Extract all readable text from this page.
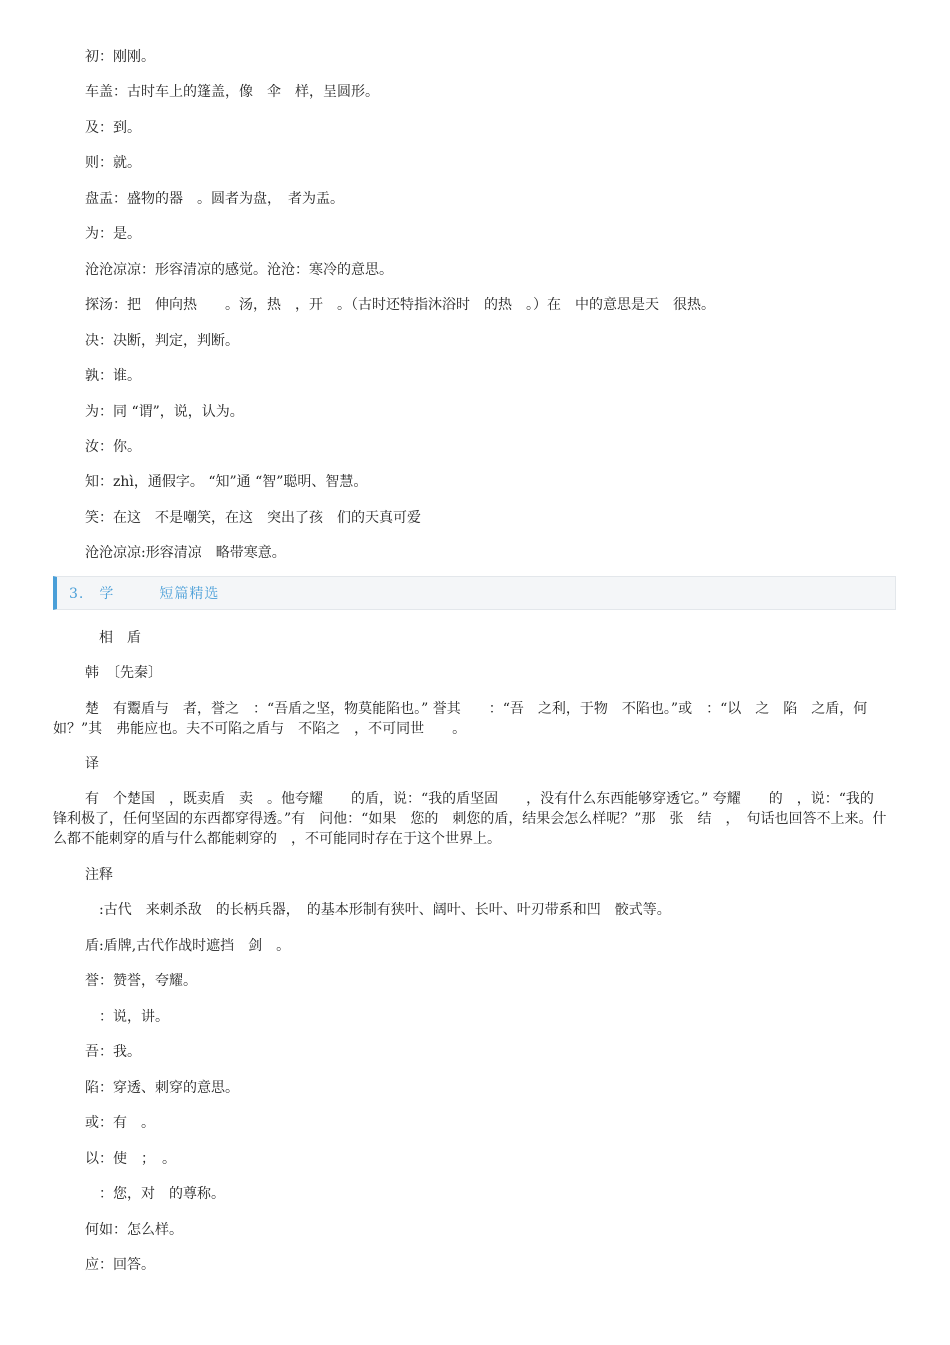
初：刚刚。
车盖：古时车上的篷盖，像　伞　样，呈圆形。
及：到。
则：就。
盘盂：盛物的器　。圆者为盘，　者为盂。
为：是。
沧沧凉凉：形容清凉的感觉。沧沧：寒冷的意思。
探汤：把　伸向热　　。汤，热　，开　。（古时还特指沐浴时　的热　。）在　中的意思是天　很热。
决：决断，判定，判断。
孰：谁。
为：同 “谓”，说，认为。
汝：你。
知：zhì，通假字。 “知”通 “智”聪明、智慧。
笑：在这　不是嘲笑，在这　突出了孩　们的天真可爱
沧沧凉凉:形容清凉　略带寒意。
3.　学　　　短篇精选
　相　盾
韩　〔先秦〕
楚　有鬻盾与　者，誉之　：“吾盾之坚，物莫能陷也。” 誉其　　：“吾　之利，于物　不陷也。”或　：“以　之　陷　之盾，何如？”其　弗能应也。夫不可陷之盾与　不陷之　，不可同世　　。
译
有　个楚国　，既卖盾　卖　。他夸耀　　的盾，说：“我的盾坚固　　，没有什么东西能够穿透它。” 夸耀　　的　，说：“我的　锋利极了，任何坚固的东西都穿得透。”有　问他：“如果　您的　刺您的盾，结果会怎么样呢？”那　张　结　，　句话也回答不上来。什么都不能刺穿的盾与什么都能刺穿的　，不可能同时存在于这个世界上。
注释
　:古代　来刺杀敌　的长柄兵器，　的基本形制有狭叶、阔叶、长叶、叶刃带系和凹　骹式等。
盾:盾牌,古代作战时遮挡　剑　。
誉：赞誉，夸耀。
　：说，讲。
吾：我。
陷：穿透、刺穿的意思。
或：有　。
以：使　；　。
　：您，对　的尊称。
何如：怎么样。
应：回答。
